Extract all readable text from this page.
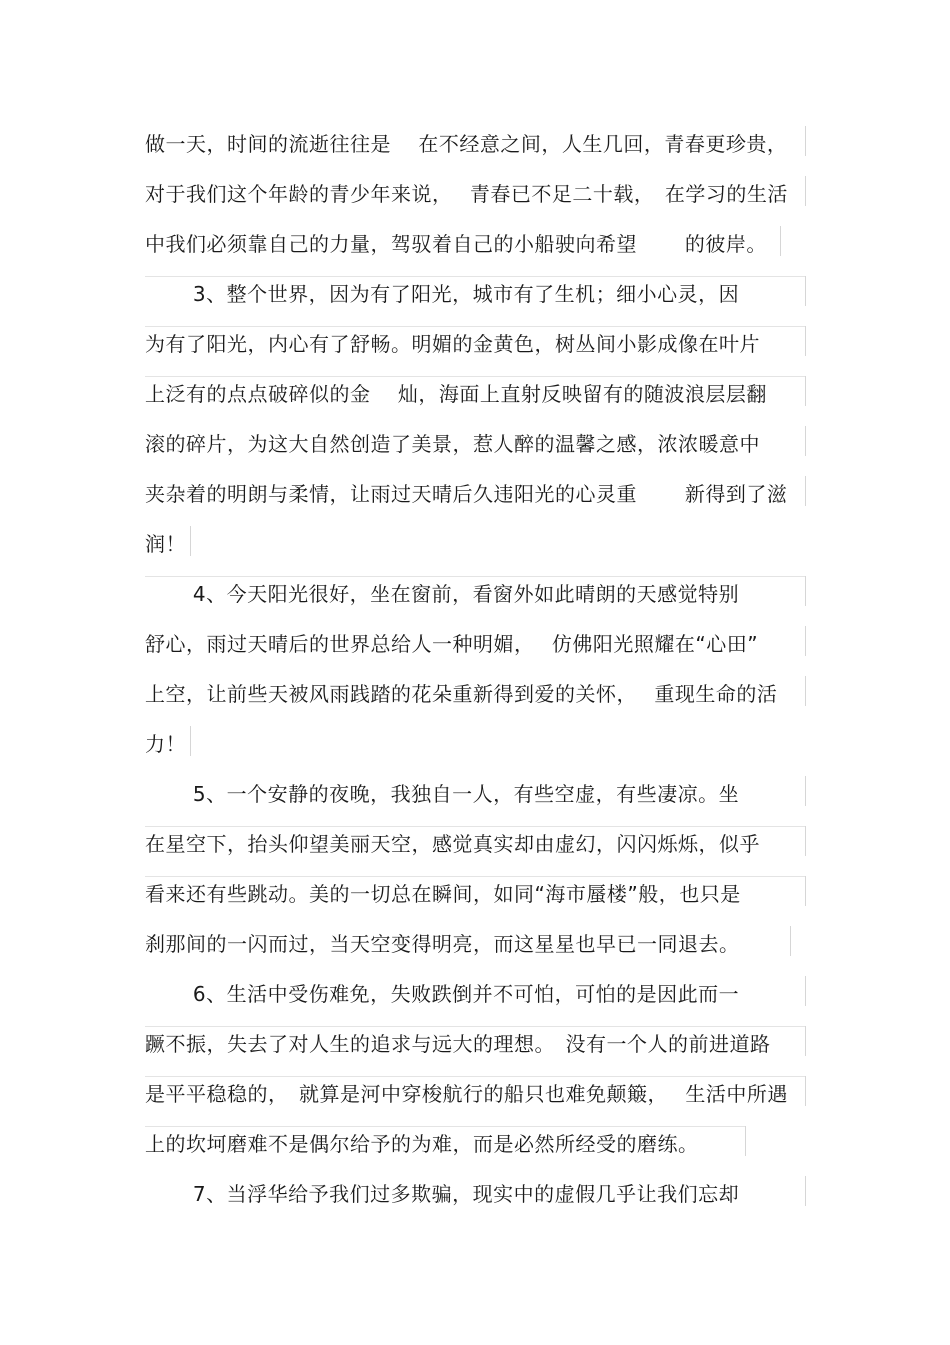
做一天，时间的流逝往往是　 在不经意之间，人生几回，青春更珍贵，
对于我们这个年龄的青少年来说，　 青春已不足二十载，　在学习的生活
中我们必须靠自己的力量，驾驭着自己的小船驶向希望　　 的彼岸。
　　 3、整个世界，因为有了阳光，城市有了生机；细小心灵，因
为有了阳光，内心有了舒畅。明媚的金黄色，树丛间小影成像在叶片
上泛有的点点破碎似的金　 灿，海面上直射反映留有的随波浪层层翻
滚的碎片，为这大自然创造了美景，惹人醉的温馨之感，浓浓暖意中
夹杂着的明朗与柔情，让雨过天晴后久违阳光的心灵重　　 新得到了滋
润！
　　 4、今天阳光很好，坐在窗前，看窗外如此晴朗的天感觉特别
舒心，雨过天晴后的世界总给人一种明媚，　 仿佛阳光照耀在“心田”
上空，让前些天被风雨践踏的花朵重新得到爱的关怀，　 重现生命的活
力！
　　 5、一个安静的夜晚，我独自一人，有些空虚，有些凄凉。坐
在星空下，抬头仰望美丽天空，感觉真实却由虚幻，闪闪烁烁，似乎
看来还有些跳动。美的一切总在瞬间，如同“海市蜃楼”般，也只是
刹那间的一闪而过，当天空变得明亮，而这星星也早已一同退去。
　　 6、生活中受伤难免，失败跌倒并不可怕，可怕的是因此而一
蹶不振，失去了对人生的追求与远大的理想。　没有一个人的前进道路
是平平稳稳的，　就算是河中穿梭航行的船只也难免颠簸，　 生活中所遇
上的坎坷磨难不是偶尔给予的为难，而是必然所经受的磨练。
　　 7、当浮华给予我们过多欺骗，现实中的虚假几乎让我们忘却
